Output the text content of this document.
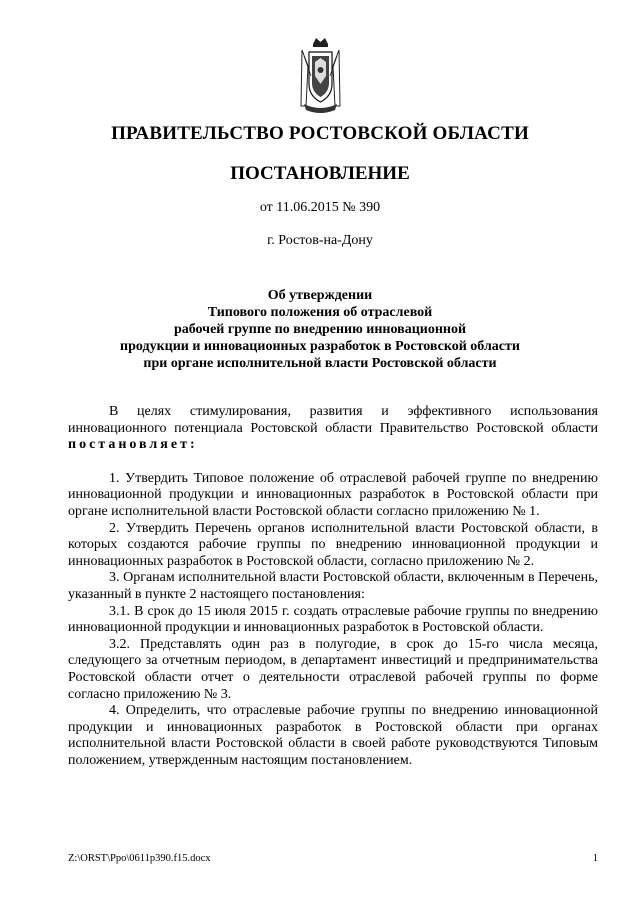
ПРАВИТЕЛЬСТВО РОСТОВСКОЙ ОБЛАСТИ
ПОСТАНОВЛЕНИЕ
от 11.06.2015 № 390
г. Ростов-на-Дону
Об утверждении
Типового положения об отраслевой
рабочей группе по внедрению инновационной
продукции и инновационных разработок в Ростовской области
при органе исполнительной власти Ростовской области

В целях стимулирования, развития и эффективного использования инновационного потенциала Ростовской области Правительство Ростовской области постановляет:

1. Утвердить Типовое положение об отраслевой рабочей группе по внедрению инновационной продукции и инновационных разработок в Ростовской области при органе исполнительной власти Ростовской области согласно приложению № 1.

2. Утвердить Перечень органов исполнительной власти Ростовской области, в которых создаются рабочие группы по внедрению инновационной продукции и инновационных разработок в Ростовской области, согласно приложению № 2.

3. Органам исполнительной власти Ростовской области, включенным в Перечень, указанный в пункте 2 настоящего постановления:

3.1. В срок до 15 июля 2015 г. создать отраслевые рабочие группы по внедрению инновационной продукции и инновационных разработок в Ростовской области.

3.2. Представлять один раз в полугодие, в срок до 15-го числа месяца, следующего за отчетным периодом, в департамент инвестиций и предпринимательства Ростовской области отчет о деятельности отраслевой рабочей группы по форме согласно приложению № 3.

4. Определить, что отраслевые рабочие группы по внедрению инновационной продукции и инновационных разработок в Ростовской области при органах исполнительной власти Ростовской области в своей работе руководствуются Типовым положением, утвержденным настоящим постановлением.

Z:\ORST\Ppo\0611p390.f15.docx	1
